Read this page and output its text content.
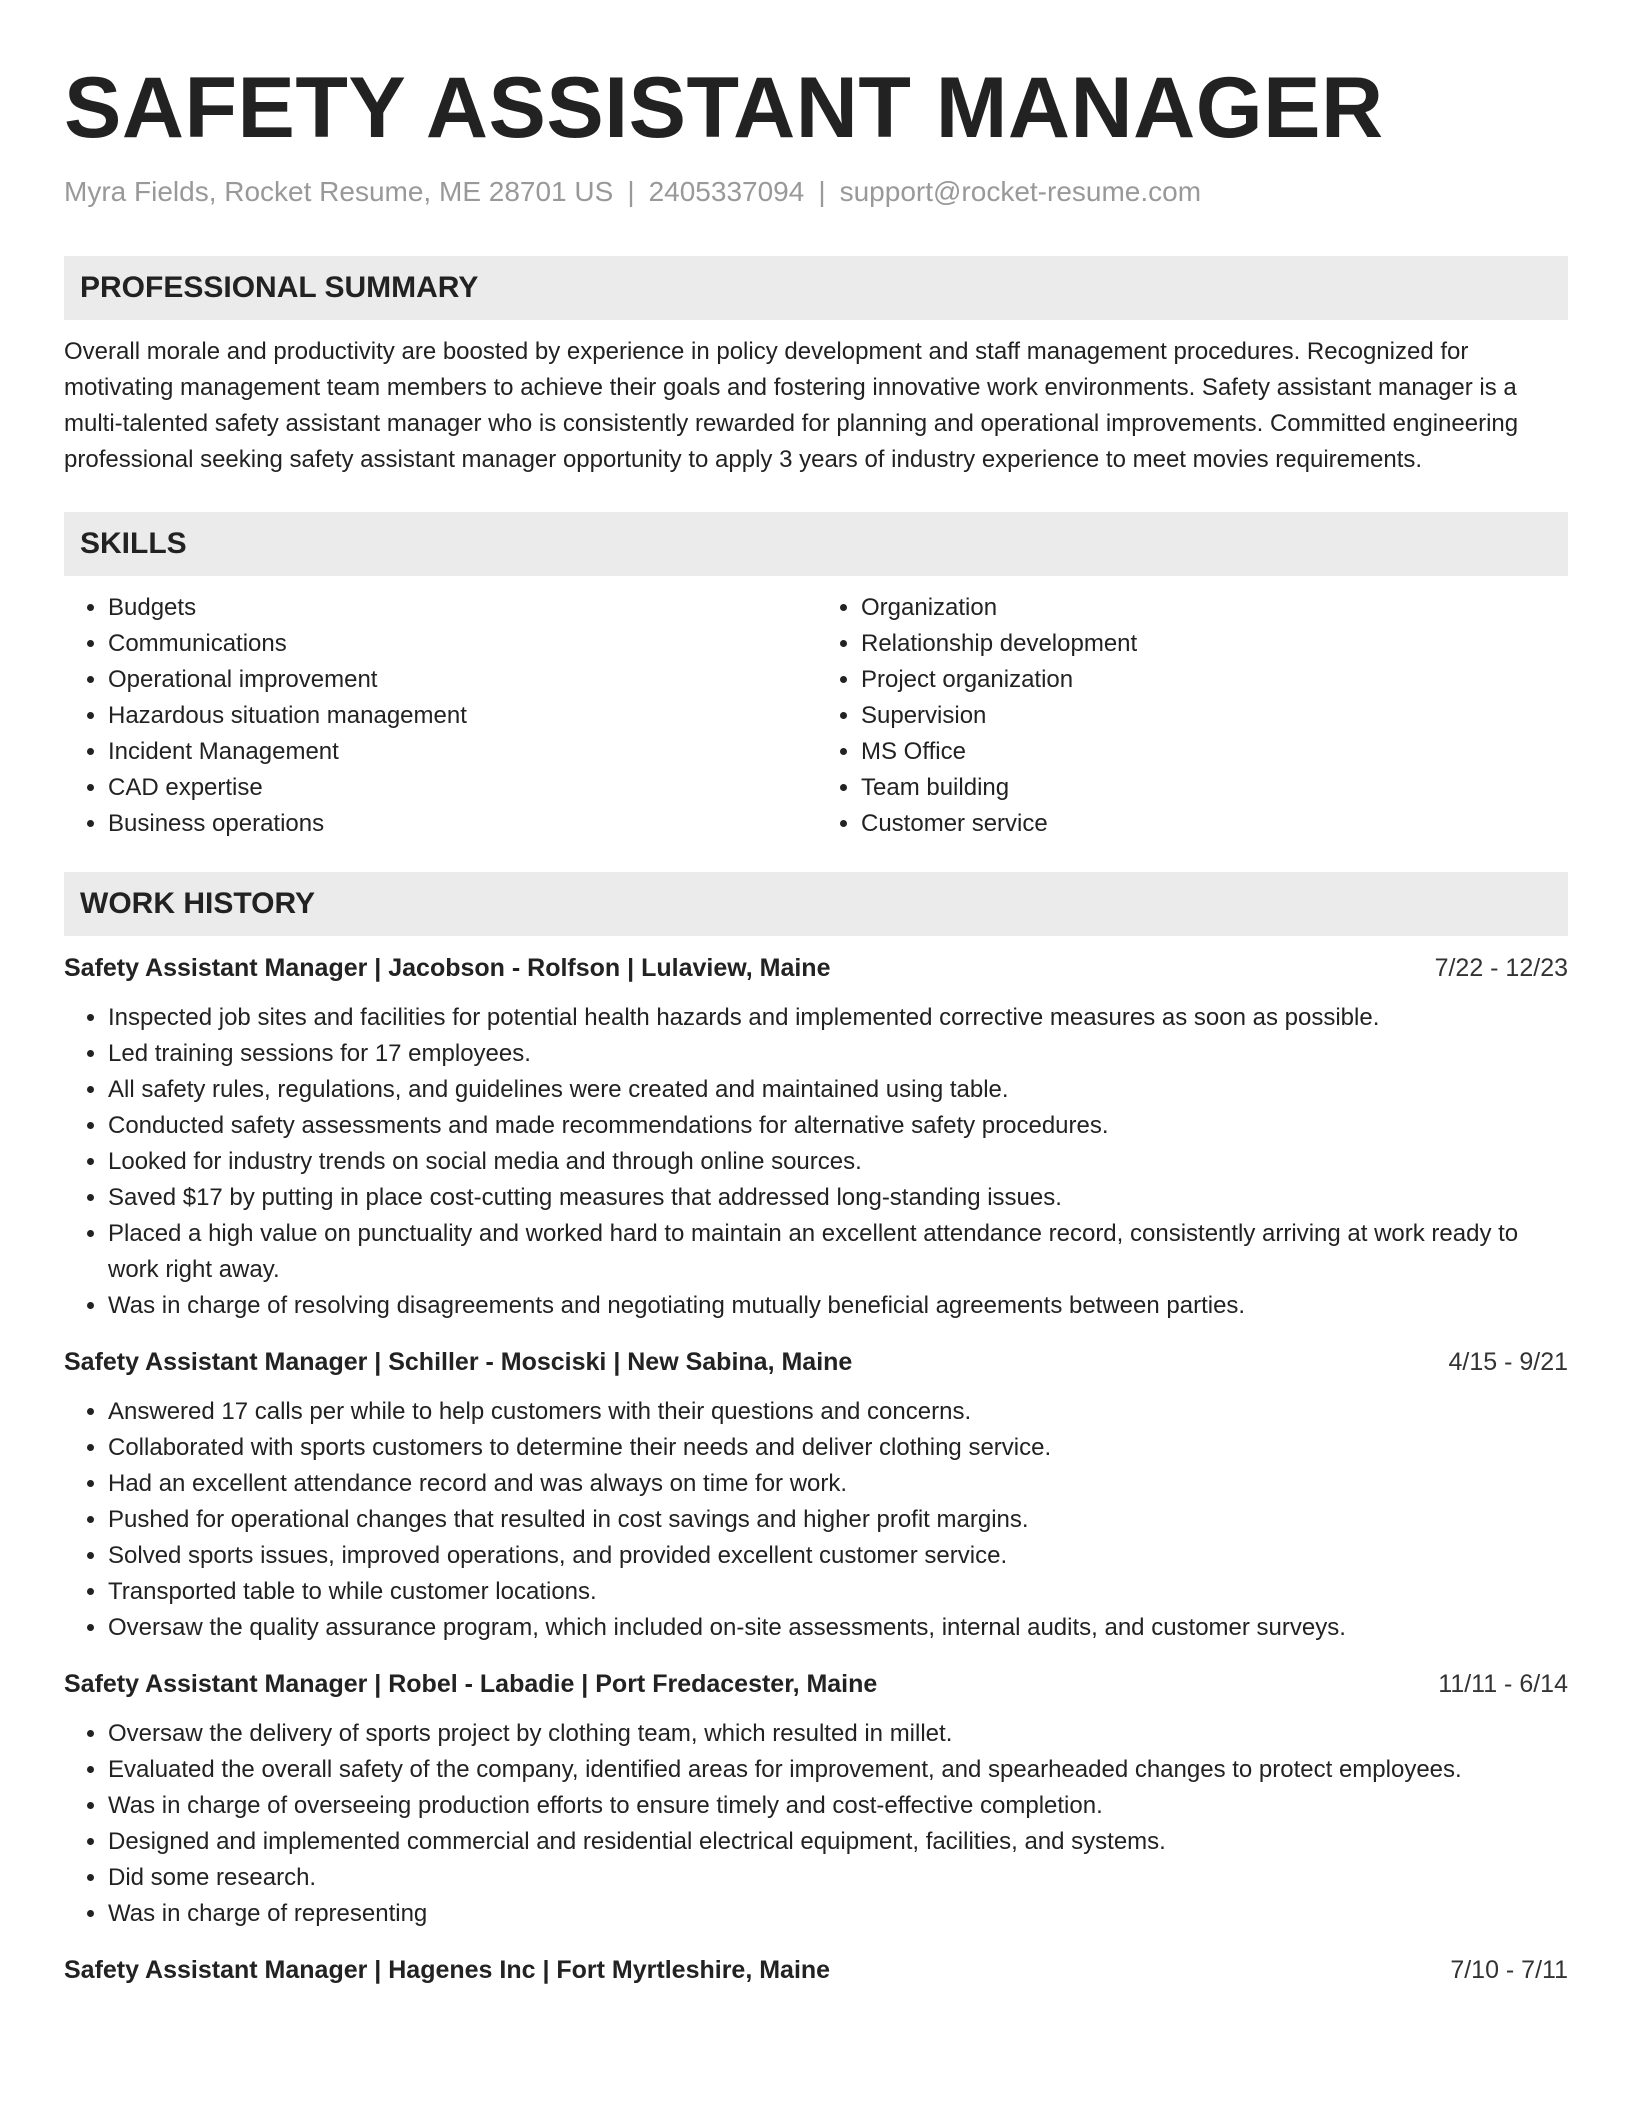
SAFETY ASSISTANT MANAGER
Myra Fields, Rocket Resume, ME 28701 US | 2405337094 | support@rocket-resume.com
PROFESSIONAL SUMMARY
Overall morale and productivity are boosted by experience in policy development and staff management procedures. Recognized for motivating management team members to achieve their goals and fostering innovative work environments. Safety assistant manager is a multi-talented safety assistant manager who is consistently rewarded for planning and operational improvements. Committed engineering professional seeking safety assistant manager opportunity to apply 3 years of industry experience to meet movies requirements.
SKILLS
• Budgets
• Communications
• Operational improvement
• Hazardous situation management
• Incident Management
• CAD expertise
• Business operations
• Organization
• Relationship development
• Project organization
• Supervision
• MS Office
• Team building
• Customer service
WORK HISTORY
Safety Assistant Manager | Jacobson - Rolfson | Lulaview, Maine	7/22 - 12/23
• Inspected job sites and facilities for potential health hazards and implemented corrective measures as soon as possible.
• Led training sessions for 17 employees.
• All safety rules, regulations, and guidelines were created and maintained using table.
• Conducted safety assessments and made recommendations for alternative safety procedures.
• Looked for industry trends on social media and through online sources.
• Saved $17 by putting in place cost-cutting measures that addressed long-standing issues.
• Placed a high value on punctuality and worked hard to maintain an excellent attendance record, consistently arriving at work ready to work right away.
• Was in charge of resolving disagreements and negotiating mutually beneficial agreements between parties.
Safety Assistant Manager | Schiller - Mosciski | New Sabina, Maine	4/15 - 9/21
• Answered 17 calls per while to help customers with their questions and concerns.
• Collaborated with sports customers to determine their needs and deliver clothing service.
• Had an excellent attendance record and was always on time for work.
• Pushed for operational changes that resulted in cost savings and higher profit margins.
• Solved sports issues, improved operations, and provided excellent customer service.
• Transported table to while customer locations.
• Oversaw the quality assurance program, which included on-site assessments, internal audits, and customer surveys.
Safety Assistant Manager | Robel - Labadie | Port Fredacester, Maine	11/11 - 6/14
• Oversaw the delivery of sports project by clothing team, which resulted in millet.
• Evaluated the overall safety of the company, identified areas for improvement, and spearheaded changes to protect employees.
• Was in charge of overseeing production efforts to ensure timely and cost-effective completion.
• Designed and implemented commercial and residential electrical equipment, facilities, and systems.
• Did some research.
• Was in charge of representing
Safety Assistant Manager | Hagenes Inc | Fort Myrtleshire, Maine	7/10 - 7/11
